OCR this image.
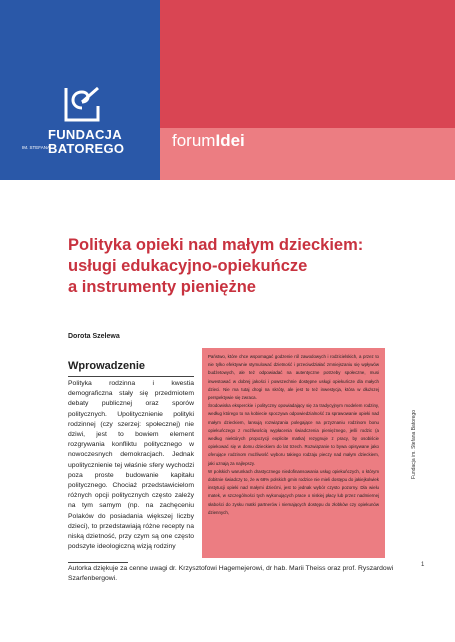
IM. STEFANA
FUNDACJA
BATOREGO	forumIdei
Polityka opieki nad małym dzieckiem:
usługi edukacyjno-opiekuńcze
a instrumenty pieniężne
Dorota Szelewa
Wprowadzenie

Polityka rodzinna i kwestia demograficzna stały się przedmiotem debaty publicznej oraz sporów politycznych. Upolitycznienie polityki rodzinnej (czy szerzej: społecznej) nie dziwi, jest to bowiem element rozgrywania konfliktu politycznego w nowoczesnych demokracjach. Jednak upolitycznienie tej właśnie sfery wychodzi poza proste budowanie kapitału politycznego. Chociaż przedstawicielom różnych opcji politycznych często zależy na tym samym (np. na zachęceniu Polaków do posiadania większej liczby dzieci), to przedstawiają różne recepty na niską dzietność, przy czym są one często podszyte ideologiczną wizją rodziny

Państwo, które chce wspomagać godzenie ról zawodowych i rodzicielskich, a przez to nie tylko efektywnie stymulować dzietność i przeciwdziałać zmniejszaniu się wpływów budżetowych, ale też odpowiadać na autentyczne potrzeby społeczne, musi inwestować w dobrej jakości i powszechnie dostępne usługi opiekuńcze dla małych dzieci. Nie ma tutaj drogi na skróty, ale jest to też inwestycja, która w dłuższej perspektywie się zwraca.

Środowiska eksperckie i polityczny opowiadający się za tradycyjnym modelem rodziny, według którego to na kobiecie spoczywa odpowiedzialność za sprawowanie opieki nad małym dzieckiem, lansują rozwiązania polegające na przyznaniu rodzinom bonu opiekuńczego z możliwością wypłacenia świadczenia pieniężnego, jeśli rodzic (a według niektórych propozycji explicite matka) rezygnuje z pracy, by osobiście opiekować się w domu dzieckiem do lat trzech. Rozwiązanie to bywa opisywane jako oferujące rodzinom możliwość wyboru takiego rodzaju pieczy nad małym dzieckiem, jaki uznają za najlepszy.

W polskich warunkach drastycznego niedofinansowania usług opiekuńczych, o którym dobitnie świadczy to, że w 68% polskich gmin rodzice nie mieli dostępu do jakiejkolwiek instytucji opieki nad małymi dziećmi, jest to jednak wybór czysto pozorny. Dla wielu matek, w szczególności tych wykonujących prace o niskiej płacy lub przez nadmiernej słabości do zysku matki partnerów i niemających dostępu do złobków czy opiekunów dziennych,

Fundacja im. Stefana Batorego
Autorka dziękuje za cenne uwagi dr. Krzysztofowi Hagemejerowi, dr hab. Marii Theiss oraz prof. Ryszardowi Szarfenbergowi.
1
